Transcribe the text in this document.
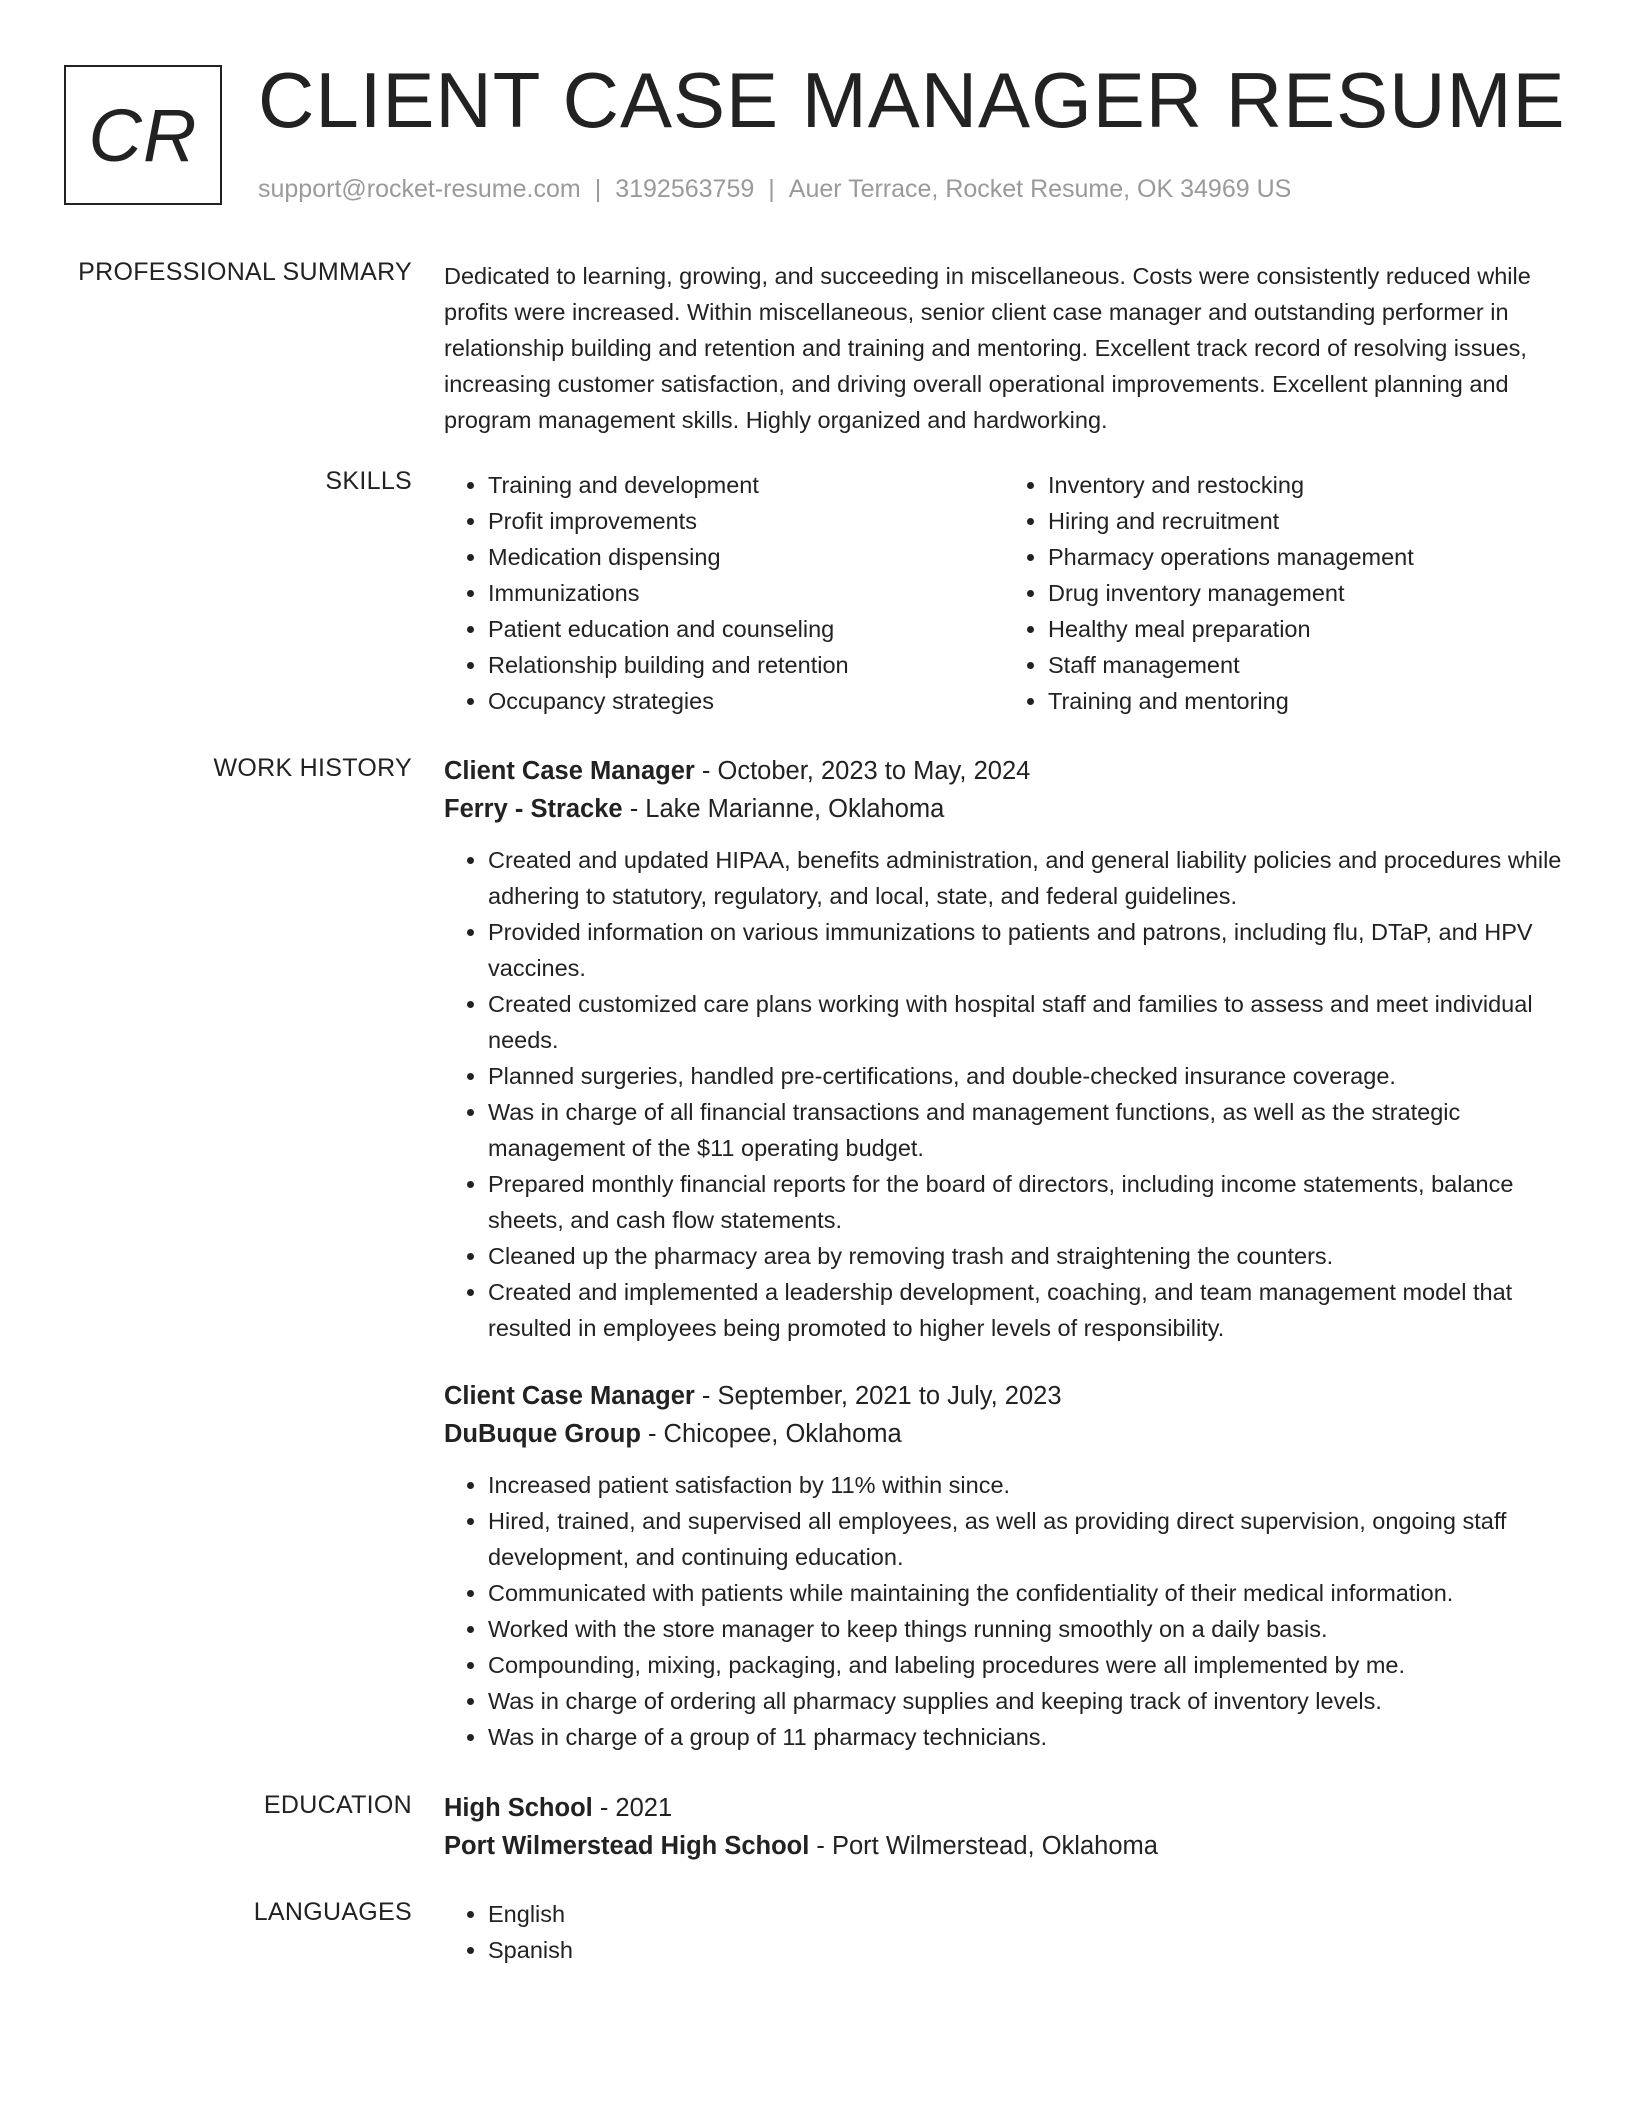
CR CLIENT CASE MANAGER RESUME
support@rocket-resume.com | 3192563759 | Auer Terrace, Rocket Resume, OK 34969 US
PROFESSIONAL SUMMARY Dedicated to learning, growing, and succeeding in miscellaneous. Costs were consistently reduced while profits were increased. Within miscellaneous, senior client case manager and outstanding performer in relationship building and retention and training and mentoring. Excellent track record of resolving issues, increasing customer satisfaction, and driving overall operational improvements. Excellent planning and program management skills. Highly organized and hardworking.

SKILLS	• Training and development
• Profit improvements
• Medication dispensing
• Immunizations
• Patient education and counseling
• Relationship building and retention
• Occupancy strategies
• Inventory and restocking
• Hiring and recruitment
• Pharmacy operations management
• Drug inventory management
• Healthy meal preparation
• Staff management
• Training and mentoring
WORK HISTORY Client Case Manager - October, 2023 to May, 2024
Ferry - Stracke - Lake Marianne, Oklahoma
• Created and updated HIPAA, benefits administration, and general liability policies and procedures while adhering to statutory, regulatory, and local, state, and federal guidelines.
• Provided information on various immunizations to patients and patrons, including flu, DTaP, and HPV vaccines.
• Created customized care plans working with hospital staff and families to assess and meet individual needs.
• Planned surgeries, handled pre-certifications, and double-checked insurance coverage.
• Was in charge of all financial transactions and management functions, as well as the strategic management of the $11 operating budget.
• Prepared monthly financial reports for the board of directors, including income statements, balance sheets, and cash flow statements.
• Cleaned up the pharmacy area by removing trash and straightening the counters.
• Created and implemented a leadership development, coaching, and team management model that resulted in employees being promoted to higher levels of responsibility.
Client Case Manager - September, 2021 to July, 2023
DuBuque Group - Chicopee, Oklahoma
• Increased patient satisfaction by 11% within since.
• Hired, trained, and supervised all employees, as well as providing direct supervision, ongoing staff development, and continuing education.
• Communicated with patients while maintaining the confidentiality of their medical information.
• Worked with the store manager to keep things running smoothly on a daily basis.
• Compounding, mixing, packaging, and labeling procedures were all implemented by me.
• Was in charge of ordering all pharmacy supplies and keeping track of inventory levels.
• Was in charge of a group of 11 pharmacy technicians.
EDUCATION High School - 2021
Port Wilmerstead High School - Port Wilmerstead, Oklahoma
LANGUAGES	• English
• Spanish
